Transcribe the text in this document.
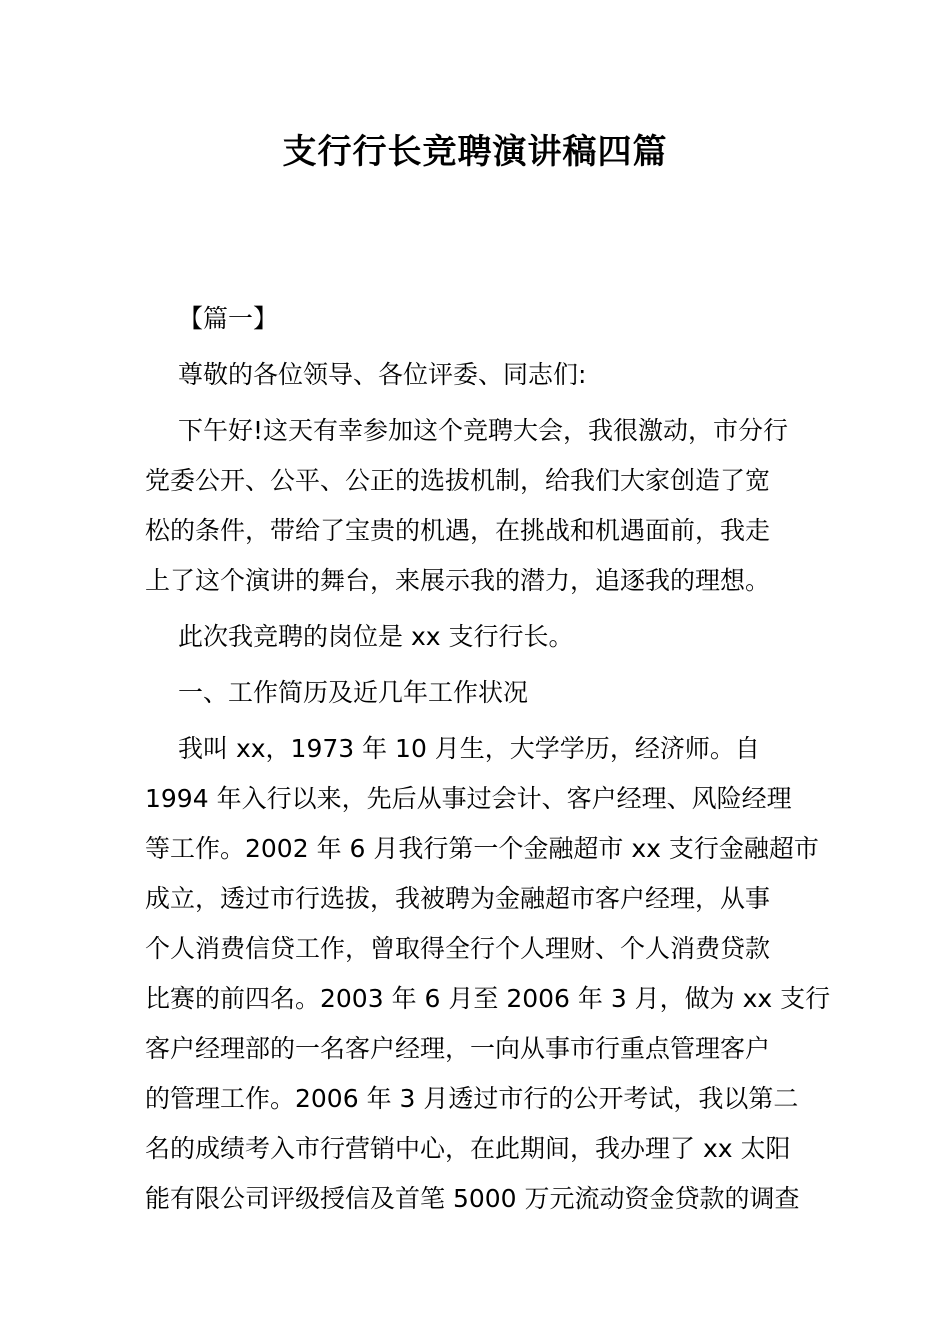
支行行长竞聘演讲稿四篇
【篇一】
尊敬的各位领导、各位评委、同志们:
下午好!这天有幸参加这个竞聘大会，我很激动，市分行
党委公开、公平、公正的选拔机制，给我们大家创造了宽
松的条件，带给了宝贵的机遇，在挑战和机遇面前，我走
上了这个演讲的舞台，来展示我的潜力，追逐我的理想。
此次我竞聘的岗位是 xx 支行行长。
一、工作简历及近几年工作状况
我叫 xx，1973 年 10 月生，大学学历，经济师。自
1994 年入行以来，先后从事过会计、客户经理、风险经理
等工作。2002 年 6 月我行第一个金融超市 xx 支行金融超市
成立，透过市行选拔，我被聘为金融超市客户经理，从事
个人消费信贷工作，曾取得全行个人理财、个人消费贷款
比赛的前四名。2003 年 6 月至 2006 年 3 月，做为 xx 支行
客户经理部的一名客户经理，一向从事市行重点管理客户
的管理工作。2006 年 3 月透过市行的公开考试，我以第二
名的成绩考入市行营销中心，在此期间，我办理了 xx 太阳
能有限公司评级授信及首笔 5000 万元流动资金贷款的调查
